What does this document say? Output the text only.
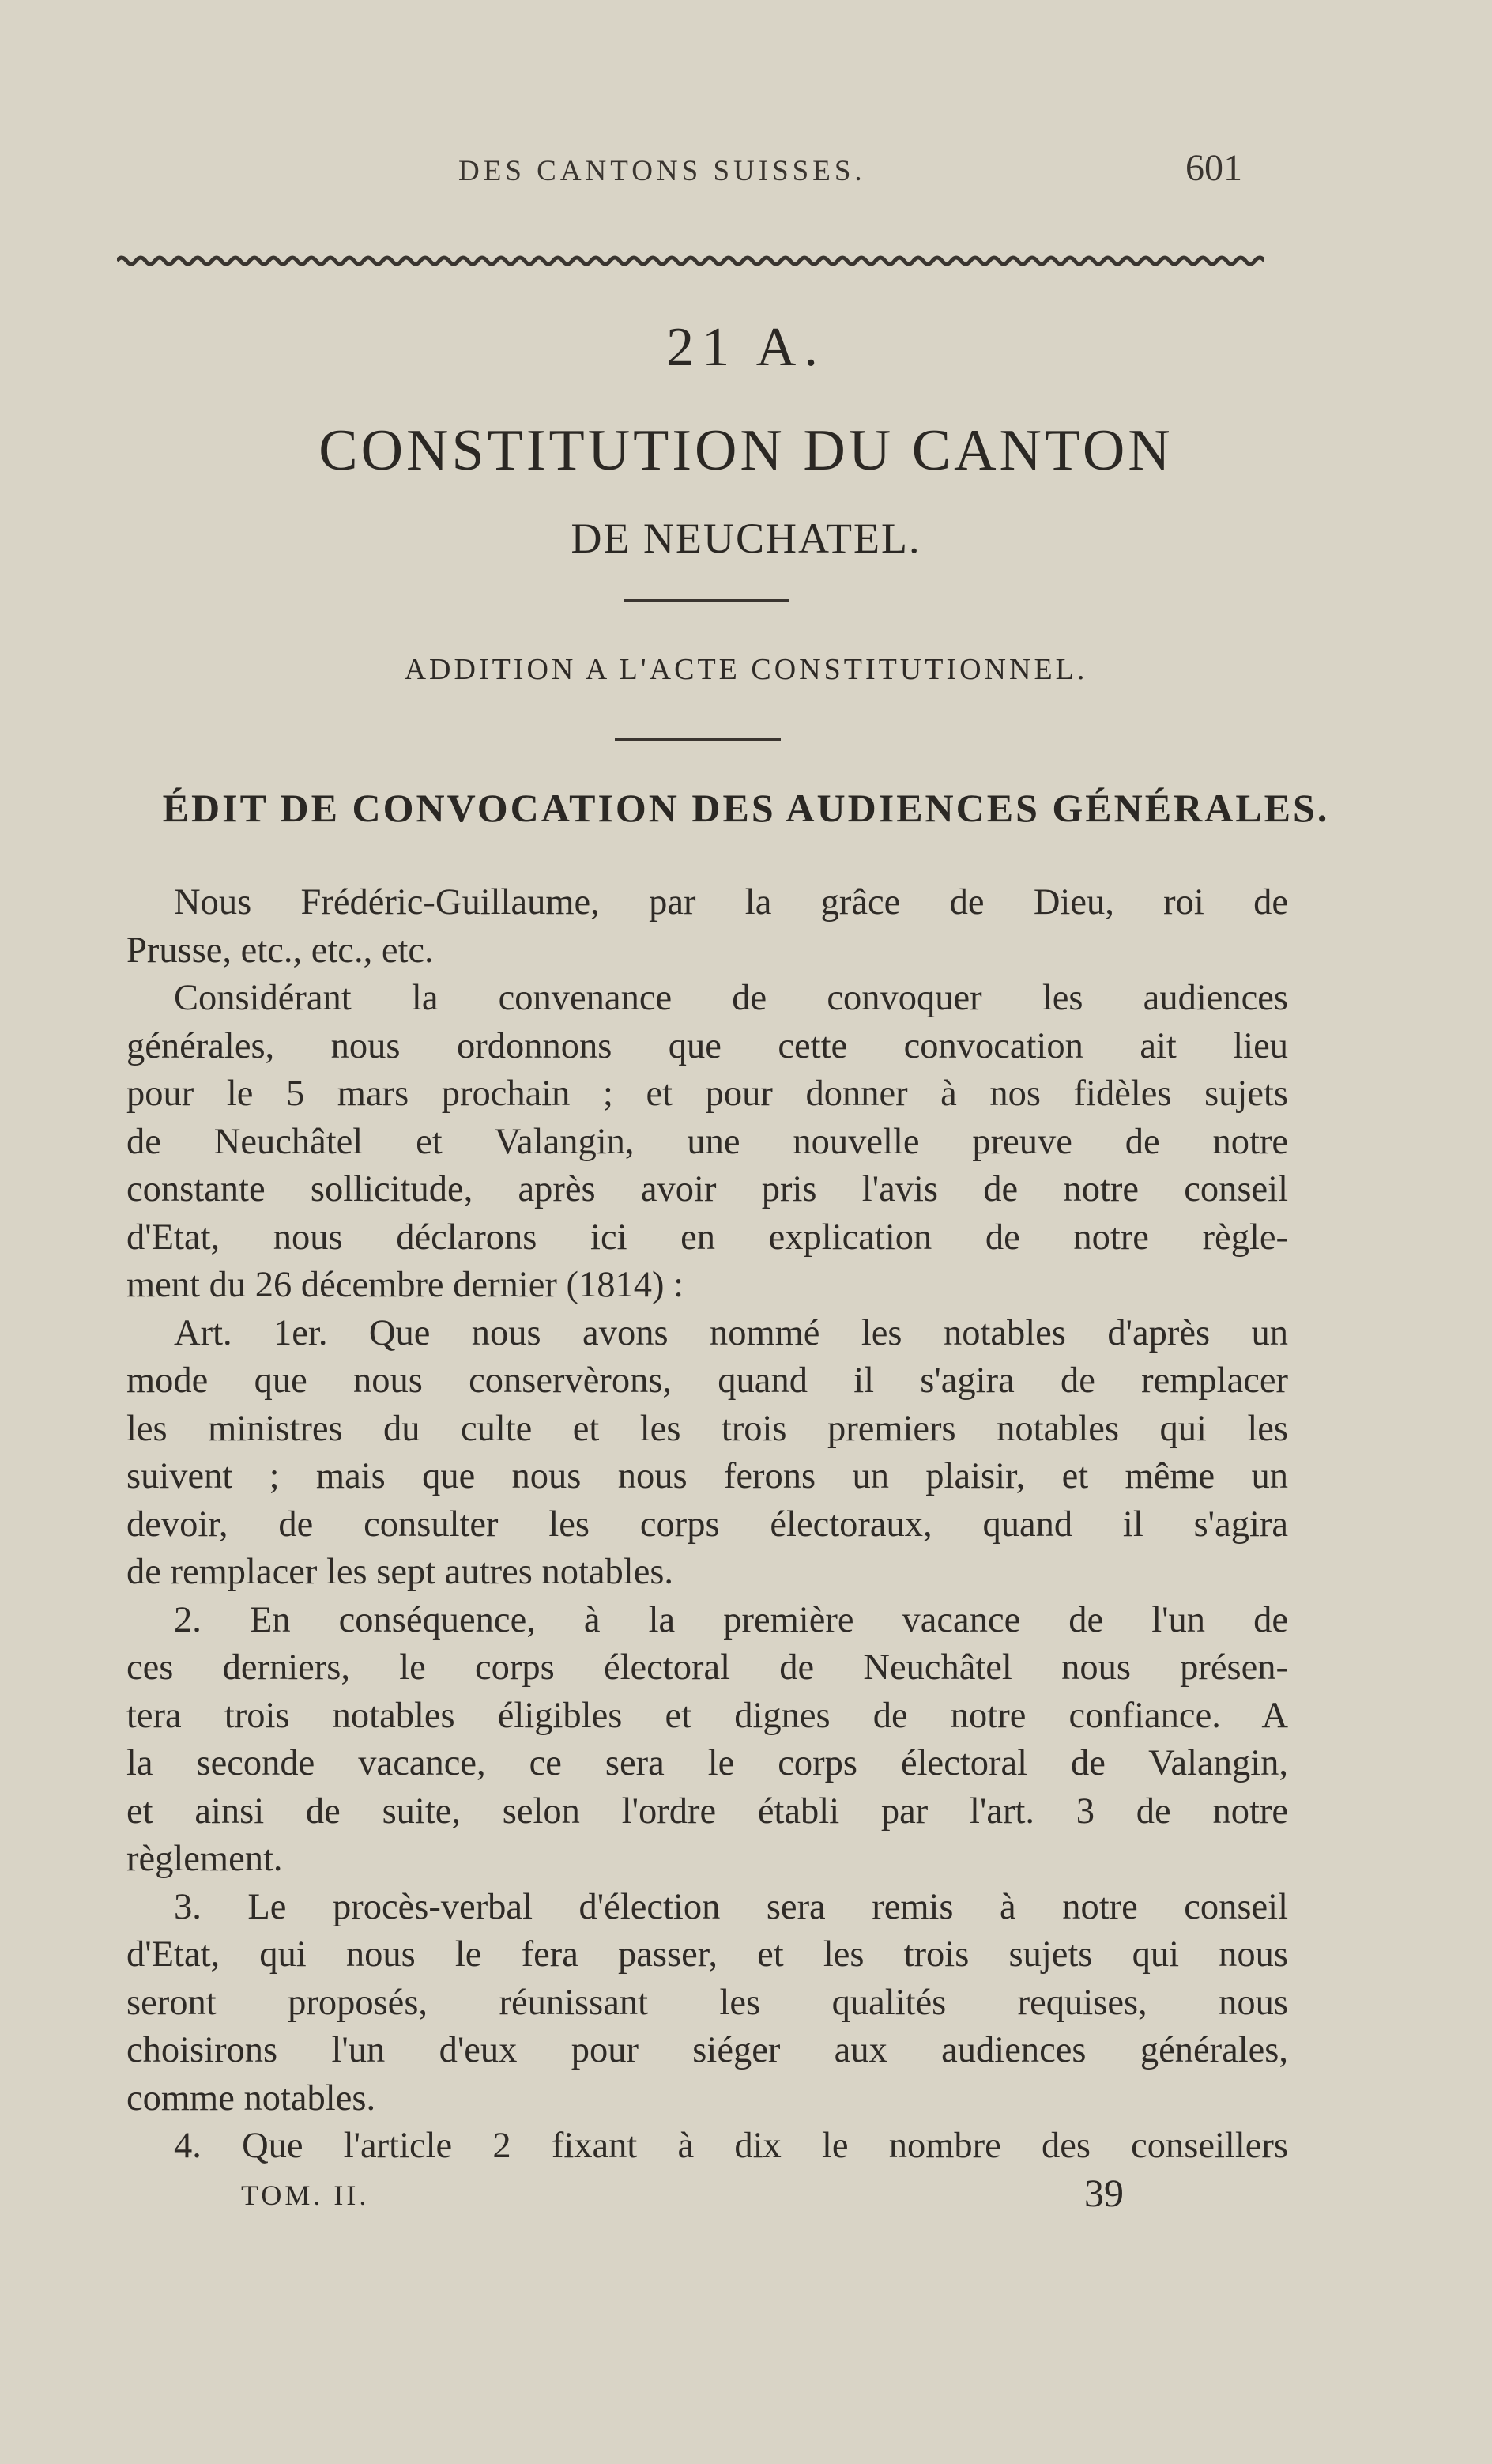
DES CANTONS SUISSES.	601
21 A.
CONSTITUTION DU CANTON
DE NEUCHATEL.
ADDITION A L'ACTE CONSTITUTIONNEL.
ÉDIT DE CONVOCATION DES AUDIENCES GÉNÉRALES.
Nous Frédéric-Guillaume, par la grâce de Dieu, roi de
Prusse, etc., etc., etc.
Considérant la convenance de convoquer les audiences
générales, nous ordonnons que cette convocation ait lieu
pour le 5 mars prochain ; et pour donner à nos fidèles sujets
de Neuchâtel et Valangin, une nouvelle preuve de notre
constante sollicitude, après avoir pris l'avis de notre conseil
d'Etat, nous déclarons ici en explication de notre règle-
ment du 26 décembre dernier (1814) :
Art. 1er. Que nous avons nommé les notables d'après un
mode que nous conservèrons, quand il s'agira de remplacer
les ministres du culte et les trois premiers notables qui les
suivent ; mais que nous nous ferons un plaisir, et même un
devoir, de consulter les corps électoraux, quand il s'agira
de remplacer les sept autres notables.
2. En conséquence, à la première vacance de l'un de
ces derniers, le corps électoral de Neuchâtel nous présen-
tera trois notables éligibles et dignes de notre confiance. A
la seconde vacance, ce sera le corps électoral de Valangin,
et ainsi de suite, selon l'ordre établi par l'art. 3 de notre
règlement.
3. Le procès-verbal d'élection sera remis à notre conseil
d'Etat, qui nous le fera passer, et les trois sujets qui nous
seront proposés, réunissant les qualités requises, nous
choisirons l'un d'eux pour siéger aux audiences générales,
comme notables.
4. Que l'article 2 fixant à dix le nombre des conseillers
TOM. II.	39
